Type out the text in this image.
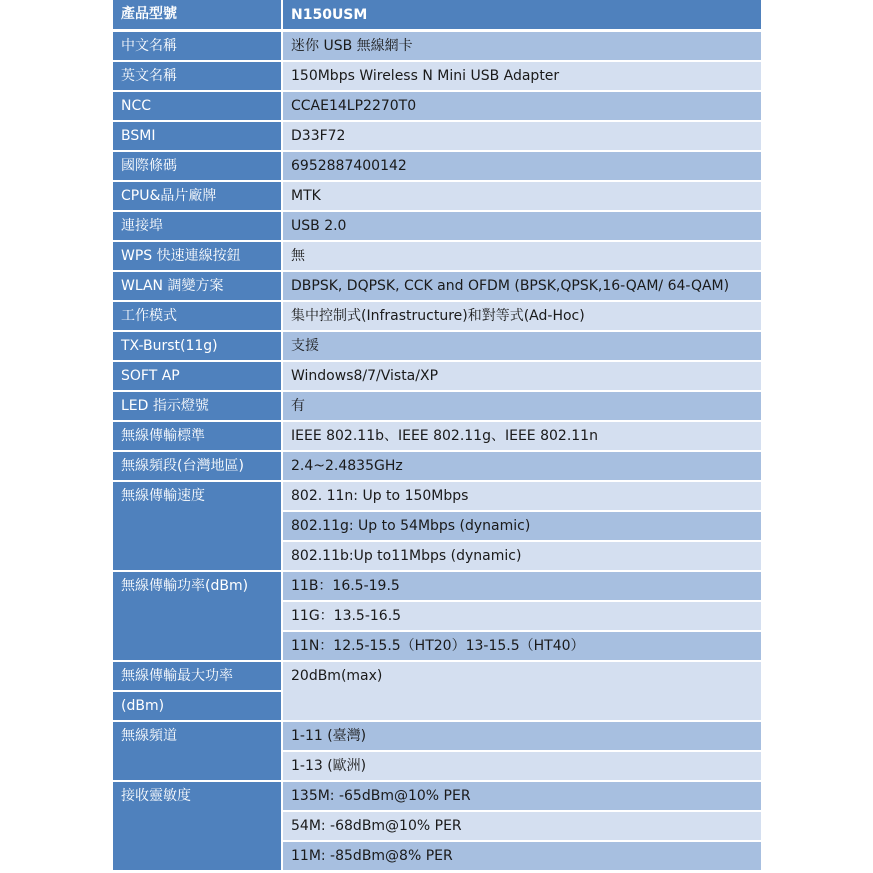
產品型號	N150USM
中文名稱	迷你 USB 無線網卡
英文名稱	150Mbps Wireless N Mini USB Adapter
NCC	CCAE14LP2270T0
BSMI	D33F72
國際條碼	6952887400142
CPU&晶片廠牌	MTK
連接埠	USB 2.0
WPS 快速連線按鈕	無
WLAN 調變方案	DBPSK, DQPSK, CCK and OFDM (BPSK,QPSK,16-QAM/ 64-QAM)
工作模式	集中控制式(Infrastructure)和對等式(Ad-Hoc)
TX-Burst(11g)	支援
SOFT AP	Windows8/7/Vista/XP
LED 指示燈號	有
無線傳輸標準	IEEE 802.11b、IEEE 802.11g、IEEE 802.11n
無線頻段(台灣地區)	2.4~2.4835GHz
無線傳輸速度	802. 11n: Up to 150Mbps
	802.11g: Up to 54Mbps (dynamic)
	802.11b:Up to11Mbps (dynamic)
無線傳輸功率(dBm)	11B：16.5-19.5
	11G：13.5-16.5
	11N：12.5-15.5（HT20）13-15.5（HT40）
無線傳輸最大功率	20dBm(max)
(dBm)	
無線頻道	1-11 (臺灣)
	1-13 (歐洲)
接收靈敏度	135M: -65dBm@10% PER
	54M: -68dBm@10% PER
	11M: -85dBm@8% PER
